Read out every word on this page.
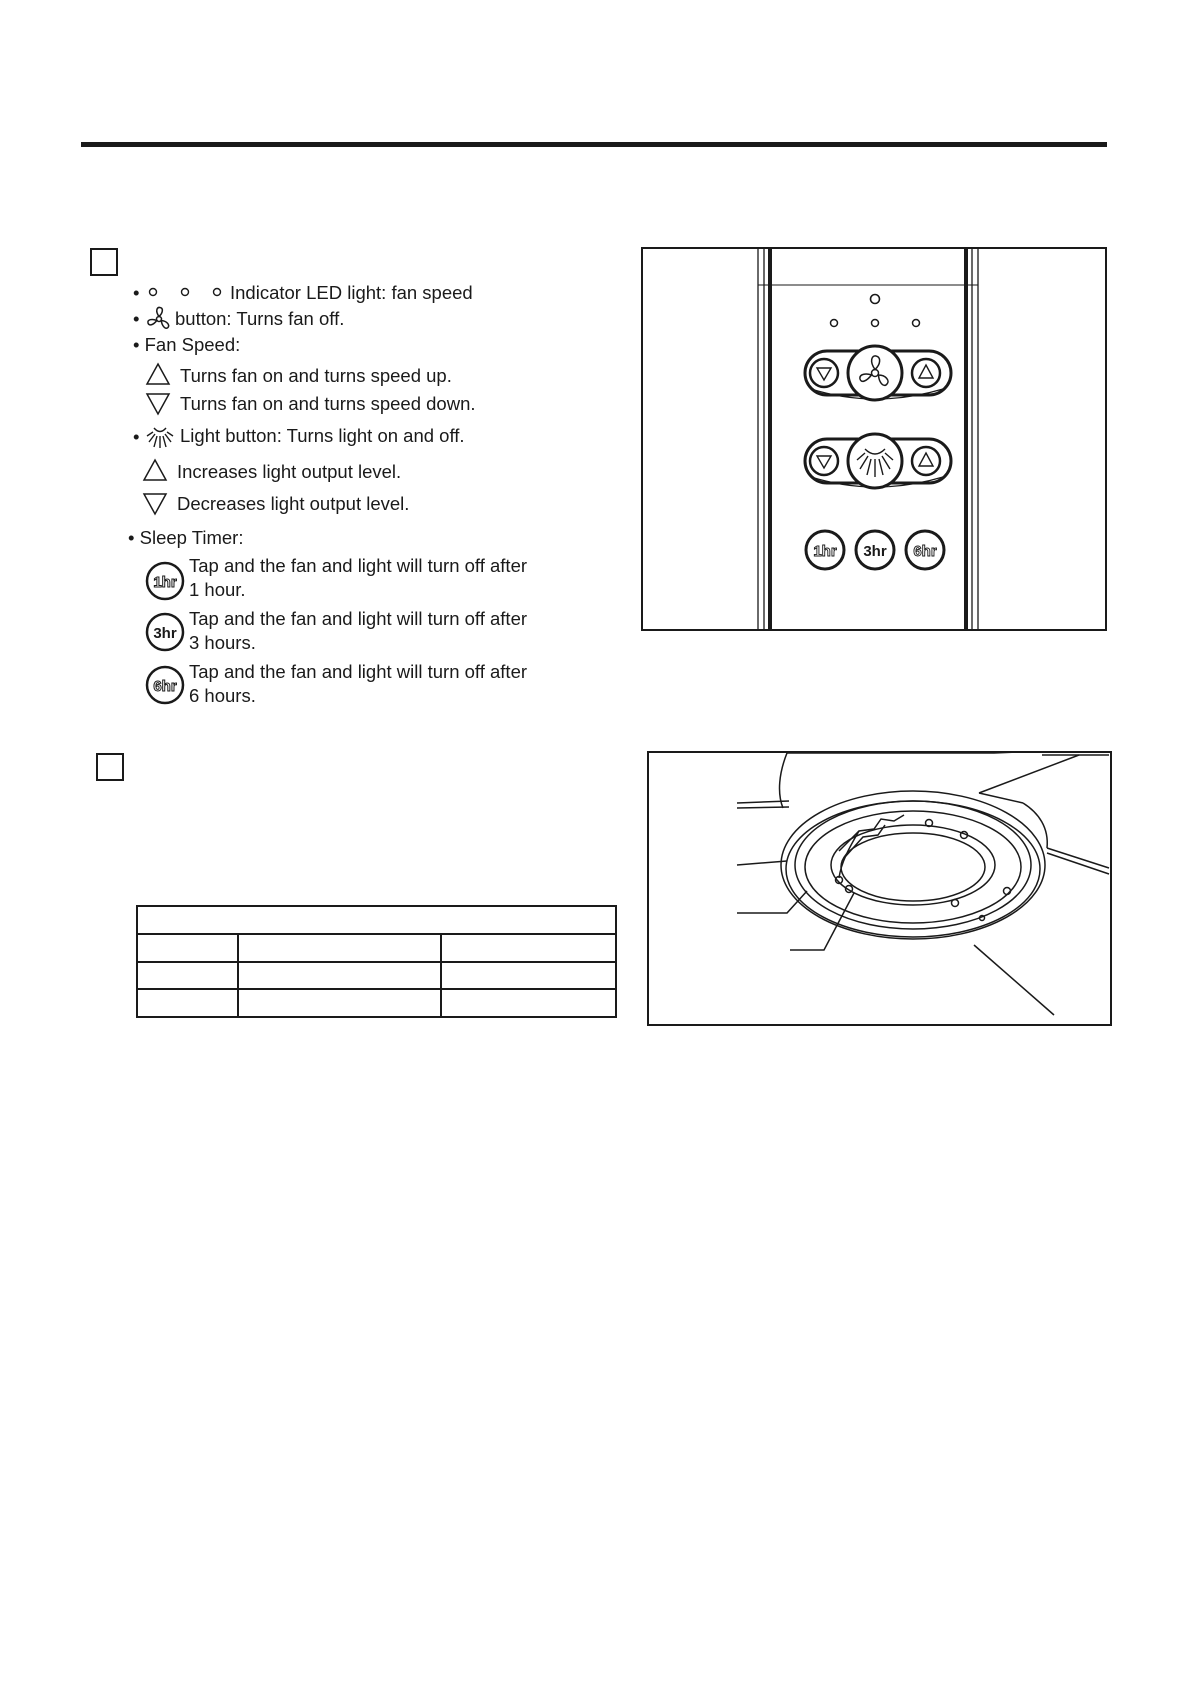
•	Indicator LED light: fan speed
• button: Turns fan off.
• Fan Speed:
Turns fan on and turns speed up.
Turns fan on and turns speed down.
• Light button: Turns light on and off.
Increases light output level.
Decreases light output level.
• Sleep Timer:
1hr
Tap and the fan and light will turn off after
1 hour.
3hr
Tap and the fan and light will turn off after
3 hours.
6hr
Tap and the fan and light will turn off after
6 hours.
1hr 3hr 6hr
